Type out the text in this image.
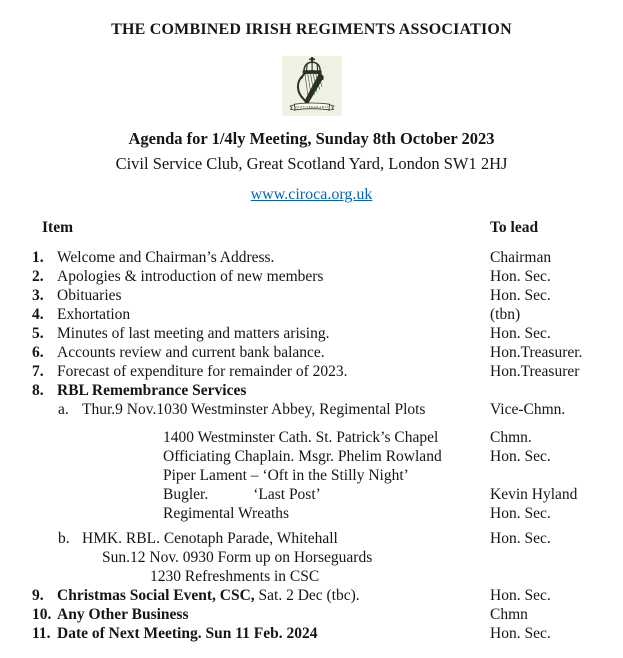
THE COMBINED IRISH REGIMENTS ASSOCIATION
QUIS SEPARABIT
Agenda for 1/4ly Meeting, Sunday 8th October 2023
Civil Service Club, Great Scotland Yard, London SW1 2HJ
www.ciroca.org.uk
Item	To lead
1. Welcome and Chairman’s Address.	Chairman
2. Apologies & introduction of new members	Hon. Sec.
3. Obituaries	Hon. Sec.
4. Exhortation	(tbn)
5. Minutes of last meeting and matters arising.	Hon. Sec.
6. Accounts review and current bank balance.	Hon.Treasurer.
7. Forecast of expenditure for remainder of 2023.	Hon.Treasurer
8. RBL Remembrance Services
a. Thur.9 Nov.1030 Westminster Abbey, Regimental Plots	Vice-Chmn.
1400 Westminster Cath. St. Patrick’s Chapel	Chmn.
Officiating Chaplain. Msgr. Phelim Rowland	Hon. Sec.
Piper Lament – ‘Oft in the Stilly Night’
Bugler.	‘Last Post’	Kevin Hyland
Regimental Wreaths	Hon. Sec.
b. HMK. RBL. Cenotaph Parade, Whitehall	Hon. Sec.
Sun.12 Nov. 0930 Form up on Horseguards
1230 Refreshments in CSC
9. Christmas Social Event, CSC, Sat. 2 Dec (tbc).	Hon. Sec.
10. Any Other Business	Chmn
11. Date of Next Meeting. Sun 11 Feb. 2024	Hon. Sec.
